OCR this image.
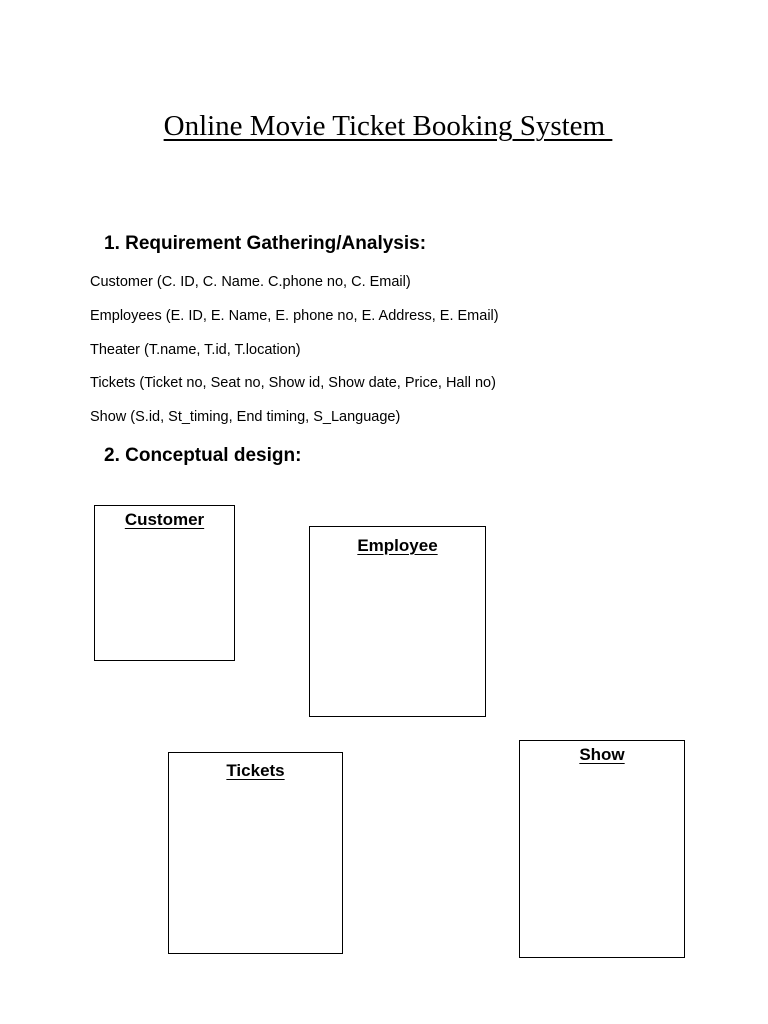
Online Movie Ticket Booking System
1. Requirement Gathering/Analysis:
Customer (C. ID, C. Name. C.phone no, C. Email)
Employees (E. ID, E. Name, E. phone no, E. Address, E. Email)
Theater (T.name, T.id, T.location)
Tickets (Ticket no, Seat no, Show id, Show date, Price, Hall no)
Show (S.id, St_timing, End timing, S_Language)
2. Conceptual design:
Customer
Employee
Tickets
Show
